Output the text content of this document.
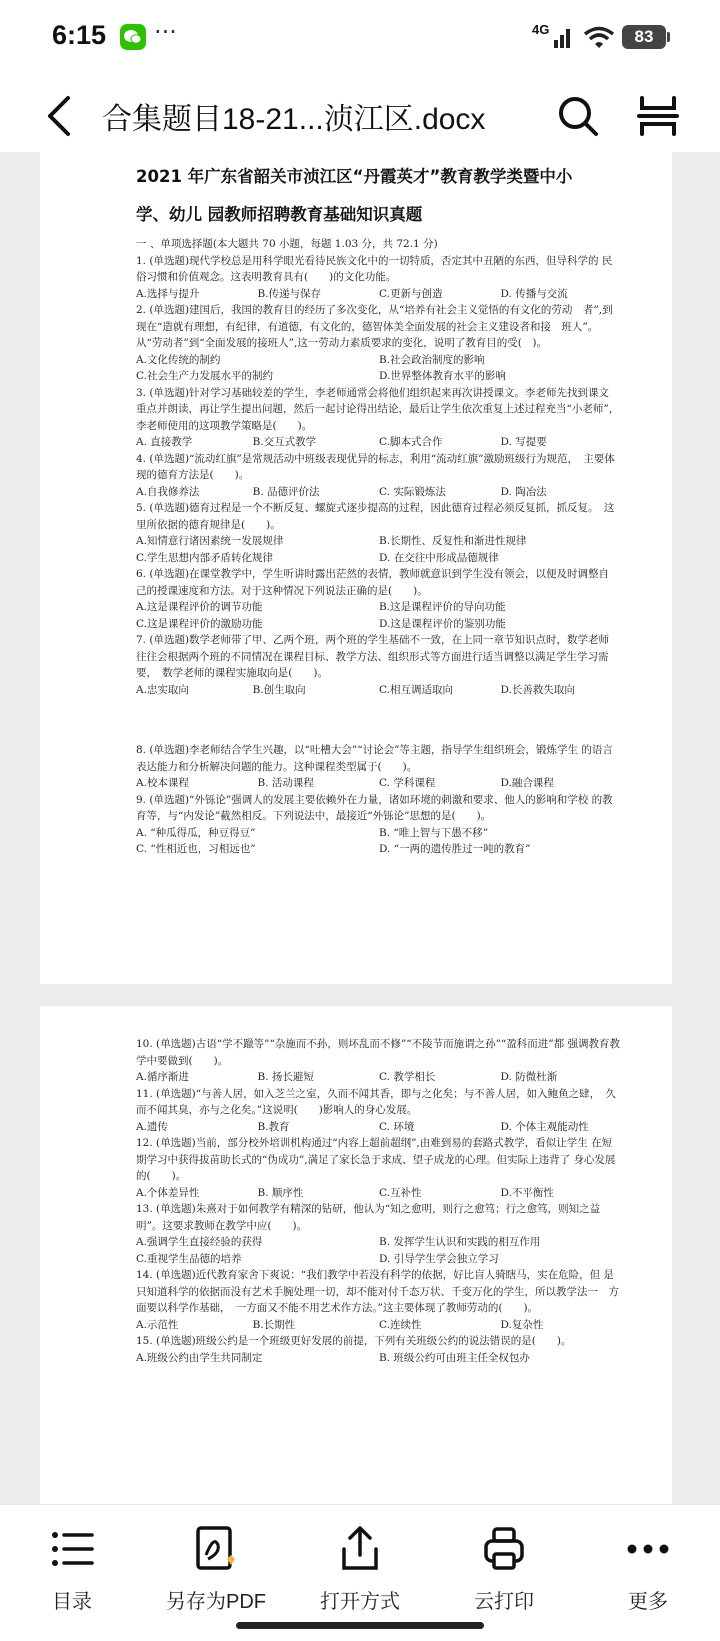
6:15 ···	4G	83
合集题目18-21...浈江区.docx
2021 年广东省韶关市浈江区“丹霞英才”教育教学类暨中小
学、幼儿 园教师招聘教育基础知识真题

一 、单项选择题(本大题共 70 小题，每题 1.03 分，共 72.1 分)

1. (单选题)现代学校总是用科学眼光看待民族文化中的一切特质，否定其中丑陋的东西，但导科学的 民俗习惯和价值观念。这表明教育具有(　　)的文化功能。

A.选择与提升	B.传递与保存	C.更新与创造	D. 传播与交流

2. (单选题)建国后，我国的教育目的经历了多次变化，从“培养有社会主义觉悟的有文化的劳动　者”,到现在“造就有理想，有纪律，有道德，有文化的，德智体美全面发展的社会主义建设者和接　班人”。从“劳动者”到“全面发展的接班人”,这一劳动力素质要求的变化，说明了教育目的受(　)。

A.文化传统的制约	B.社会政治制度的影响
C.社会生产力发展水平的制约	D.世界整体教育水平的影响

3. (单选题)针对学习基础较差的学生，李老师通常会将他们组织起来再次讲授课文。李老师先找到课文　重点并朗读，再让学生提出问题，然后一起讨论得出结论，最后让学生依次重复上述过程充当“小老师”，李老师使用的这项教学策略是(　　)。

A. 直接教学	B.交互式教学	C.脚本式合作	D. 写提要

4. (单选题)“流动红旗”是常规活动中班级表现优异的标志，利用“流动红旗”激励班级行为规范，　主要体现的德育方法是(　　)。

A.自我修养法	B. 品德评价法	C. 实际锻炼法	D. 陶冶法

5. (单选题)德育过程是一个不断反复、螺旋式逐步提高的过程，因此德育过程必须反复抓，抓反复。　这里所依据的德育规律是(　　)。

A.知情意行诸因素统一发展规律	B.长期性、反复性和渐进性规律
C.学生思想内部矛盾转化规律	D. 在交往中形成品德规律

6. (单选题)在课堂教学中，学生听讲时露出茫然的表情，教师就意识到学生没有领会，以便及时调整自 己的授课速度和方法。对于这种情况下列说法正确的是(　　)。

A.这是课程评价的调节功能	B.这是课程评价的导向功能
C.这是课程评价的激励功能	D.这是课程评价的鉴别功能

7. (单选题)数学老师带了甲、乙两个班，两个班的学生基础不一致，在上同一章节知识点时，数学老师　往往会根据两个班的不同情况在课程目标、教学方法、组织形式等方面进行适当调整以满足学生学习需要，　数学老师的课程实施取向是(　　)。

A.忠实取向	B.创生取向	C.相互调适取向	D.长善救失取向

8. (单选题)李老师结合学生兴趣，以“吐槽大会”“讨论会”等主题，指导学生组织班会，锻炼学生 的语言表达能力和分析解决问题的能力。这种课程类型属于(　　)。

A.校本课程	B. 活动课程	C. 学科课程	D.融合课程

9. (单选题)“外铄论”强调人的发展主要依赖外在力量，诸如环境的刺激和要求、他人的影响和学校 的教育等，与“内发论”截然相反。下列说法中，最接近“外铄论”思想的是(　　)。

A. “种瓜得瓜，种豆得豆”	B. “唯上智与下愚不移”
C. “性相近也，习相远也”	D. “一两的遗传胜过一吨的教育”

10. (单选题)古语“学不躐等”“杂施而不孙，则坏乱而不修”“不陵节而施谓之孙”“盈科而进”都 强调教育教学中要做到(　　)。

A.循序渐进	B. 扬长避短	C. 教学相长	D. 防微杜渐

11. (单选题)“与善人居，如入芝兰之室，久而不闻其香，即与之化矣；与不善人居，如入鲍鱼之肆，　久而不闻其臭，亦与之化矣。”这说明(　　)影响人的身心发展。

A.遗传	B.教育	C. 环境	D. 个体主观能动性

12. (单选题)当前，部分校外培训机构通过“内容上超前超纲”,由难到易的套路式教学，看似让学生 在短期学习中获得拔苗助长式的“伪成功”,满足了家长急于求成、望子成龙的心理。但实际上违背了 身心发展的(　　)。

A.个体差异性	B. 顺序性	C.互补性	D.不平衡性

13. (单选题)朱熹对于如何教学有精深的钻研，他认为“知之愈明，则行之愈笃；行之愈笃，则知之益 明”。这要求教师在教学中应(　　)。

A.强调学生直接经验的获得	B. 发挥学生认识和实践的相互作用
C.重视学生品德的培养	D. 引导学生学会独立学习

14. (单选题)近代教育家舍下爽说：“我们教学中若没有科学的依据，好比盲人骑瞎马，实在危险，但 是只知道科学的依据而没有艺术手腕处理一切，却不能对付千态万状、千变万化的学生，所以教学法一　方面要以科学作基础，　一方面又不能不用艺术作方法。”这主要体现了教师劳动的(　　)。

A.示范性	B.长期性	C.连续性	D.复杂性

15. (单选题)班级公约是一个班级更好发展的前提，下列有关班级公约的说法错误的是(　　)。

A.班级公约由学生共同制定	B. 班级公约可由班主任全权包办
目录	另存为PDF	打开方式	云打印	更多
